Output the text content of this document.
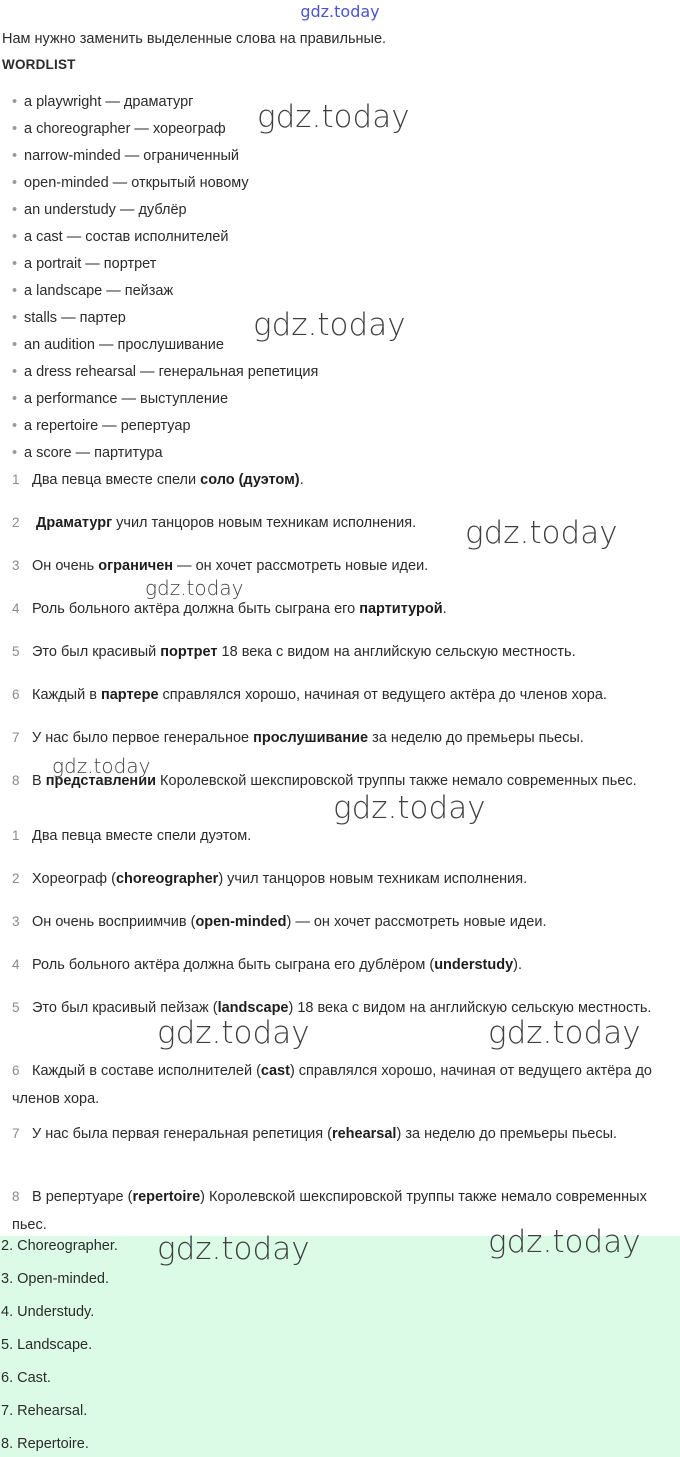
gdz.today
Нам нужно заменить выделенные слова на правильные.
WORDLIST
• a playwright — драматург
• a choreographer — хореограф
• narrow-minded — ограниченный
• open-minded — открытый новому
• an understudy — дублёр
• a cast — состав исполнителей
• a portrait — портрет
• a landscape — пейзаж
• stalls — партер
• an audition — прослушивание
• a dress rehearsal — генеральная репетиция
• a performance — выступление
• a repertoire — репертуар
• a score — партитура
1 Два певца вместе спели соло (дуэтом).
2 Драматург учил танцоров новым техникам исполнения.
3 Он очень ограничен — он хочет рассмотреть новые идеи.
4 Роль больного актёра должна быть сыграна его партитурой.
5 Это был красивый портрет 18 века с видом на английскую сельскую местность.
6 Каждый в партере справлялся хорошо, начиная от ведущего актёра до членов хора.
7 У нас было первое генеральное прослушивание за неделю до премьеры пьесы.
8 В представлении Королевской шекспировской труппы также немало современных пьес.
1 Два певца вместе спели дуэтом.
2 Хореограф (choreographer) учил танцоров новым техникам исполнения.
3 Он очень восприимчив (open-minded) — он хочет рассмотреть новые идеи.
4 Роль больного актёра должна быть сыграна его дублёром (understudy).
5 Это был красивый пейзаж (landscape) 18 века с видом на английскую сельскую местность.
6 Каждый в составе исполнителей (cast) справлялся хорошо, начиная от ведущего актёра до членов хора.
7 У нас была первая генеральная репетиция (rehearsal) за неделю до премьеры пьесы.
8 В репертуаре (repertoire) Королевской шекспировской труппы также немало современных пьес.
2. Choreographer.
3. Open-minded.
4. Understudy.
5. Landscape.
6. Cast.
7. Rehearsal.
8. Repertoire.
gdz.today
gdz.today
gdz.today
gdz.today
gdz.today
gdz.today
gdz.today	gdz.today
gdz.today	gdz.today
